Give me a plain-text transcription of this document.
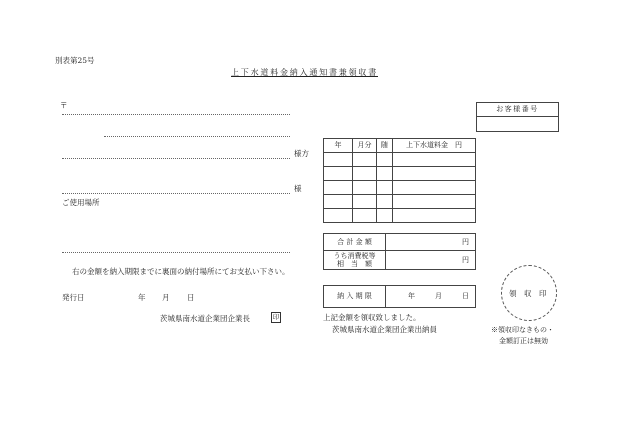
別表第25号
上下水道料金納入通知書兼領収書
〒
様方
様
ご使用場所
右の金額を納入期限までに裏面の納付場所にてお支払い下さい。
発行日	年 月 日
茨城県南水道企業団企業長	印
お客様番号

年	月分	随	上下水道料金　円

合 計 金 額	円

うち消費税等
相　当　額	円
納 入 期 限	年	月	日
上記金額を領収致しました。
茨城県南水道企業団企業出納員
領　収　印
※領収印なきもの・
金額訂正は無効
